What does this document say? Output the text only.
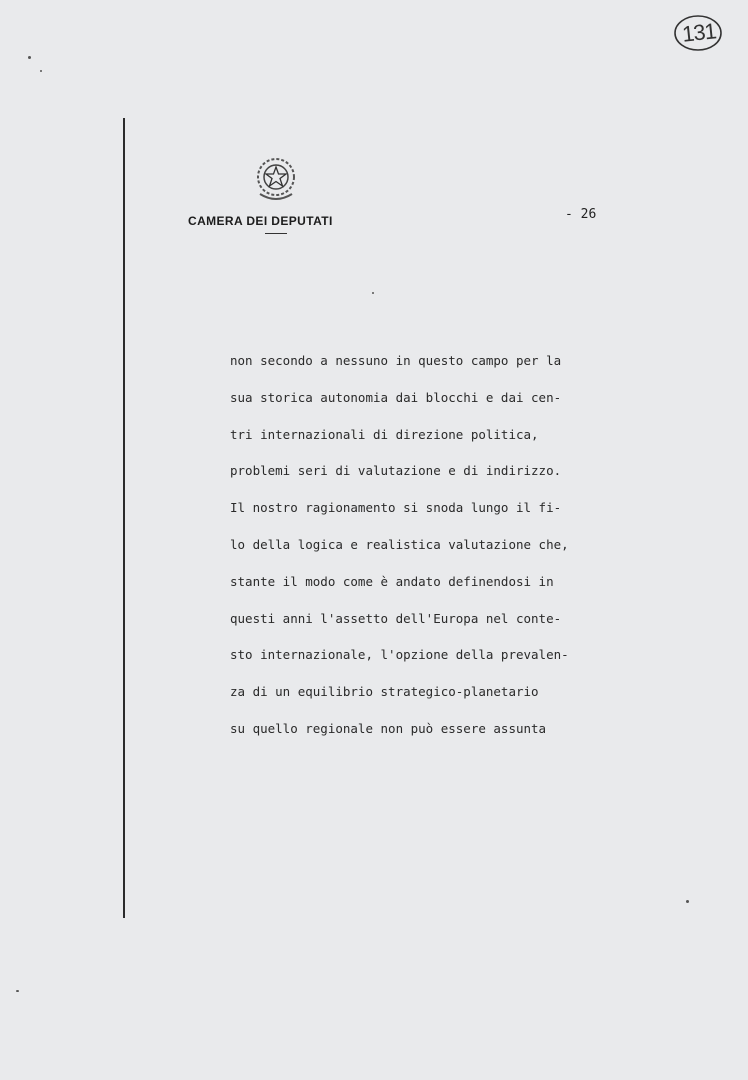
CAMERA DEI DEPUTATI	- 26
131
non secondo a nessuno in questo campo per la
sua storica autonomia dai blocchi e dai cen-
tri internazionali di direzione politica,
problemi seri di valutazione e di indirizzo.
Il nostro ragionamento si snoda lungo il fi-
lo della logica e realistica valutazione che,
stante il modo come è andato definendosi in
questi anni l'assetto dell'Europa nel conte-
sto internazionale, l'opzione della prevalen-
za di un equilibrio strategico-planetario
su quello regionale non può essere assunta
